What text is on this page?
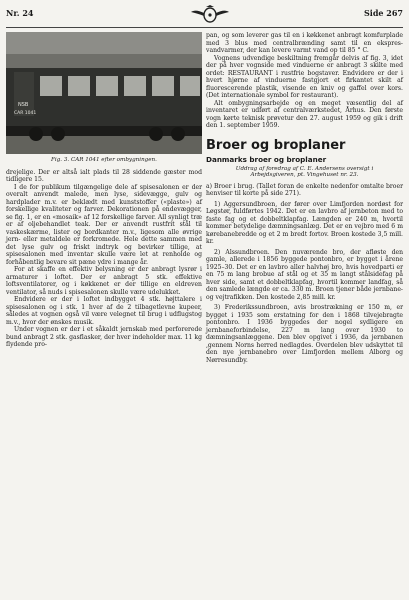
Nr. 24	Side 267
NSB
CAR 1041
Fig. 3. CAR 1041 efter ombygningen.

drejelige. Der er altså ialt plads til 28 siddende gæster mod tidligere 15.

I de for publikum tilgængelige dele af spisesalonen er der overalt anvendt malede, men lyse, sidevægge, gulv og hardplader m.v. er beklædt med kunststoffer («plaste») af forskellige kvaliteter og farver. Dekorationen på endevægger, se fig. 1, er en «mosaik» af 12 forskellige farver. All synligt træ er af oljebehandlet teak. Der er anvendt rustfrit stål til vaskeskærme, lister og bordkanter m.v., ligesom alle øvrige jern- eller metaldele er forkromede. Hele dette sammen med det lyse gulv og friskt indtryk og bevirker tillige, at spisesalonen med inventar skulle være let at renholde og forhåbentlig bevare sit pæne ydre i mange år.

For at skaffe en effektiv belysning er der anbragt lysrør i armaturer i loftet. Der er anbragt 5 stk. effektive loftsventilatorer, og i køkkenet er der tillige en eldreven ventilator, så nuds i spisesalonen skulle være udelukket.

Endvidere er der i loftet indbygget 4 stk. højttalere i spisesalonen og i stk. 1 hver af de 2 tilbagetlevne kupeer, således at vognen også vil være velegnet til brug i udflugstog m.v., hvor der ønskes musik.

Under vognen er der i et såkaldt jernskab med perforerede bund anbragt 2 stk. gasflasker, der hver indeholder max. 11 kg flydende pro-

pan, og som leverer gas til en i køkkenet anbragt komfurplade med 3 blus med centralbrænding samt til en ekspres-vandvarmer, der kan levere varmt vand op til 85 ° C.

Vognens udvendige beskiltning fremgår delvis af fig. 3, idet der på hver vognside med vinduerne er anbragt 3 skilte med ordet: RESTAURANT i rustfrie bogstaver. Endvidere er der i hvert hjørne af vinduerne fastgjort et firkantet skilt af fluorescerende plastik, visende en kniv og gaffel over kors. (Det internationale symbol for restaurant).

Alt ombygningsarbejde og en meget væsentlig del af inventaret er udført af centralværkstedet, Århus. Den første vogn kørte teknisk prøvetur den 27. august 1959 og gik i drift den 1. september 1959.

Broer og broplaner
Danmarks broer og broplaner
Uddrag af foredrag af C. E. Andersens oversigt i
Arbejdsgiveren, pt. Vingehuset nr. 23.

a) Broer i brug. (Tallet foran de enkelte nedenfor omtalte broer henviser til korte på side 271).

1) Aggersundbroen, der fører over Limfjorden nordøst for Løgstør, fuldførtes 1942. Det er en lavbro af jernbeton med to faste fag og et dobbeltklapfag. Længden er 240 m, hvortil kommer betydelige dæmningsanlæg. Det er en vejbro med 6 m kørebanebredde og et 2 m bredt fortov. Broen kostede 3,5 mill. kr.

2) Alssundbroen. Den nuværende bro, der afløste den gamle, allerede i 1856 byggede pontonbro, er bygget i årene 1925–30. Det er en lavbro aller halvhøj bro, hvis hovedparti er en 75 m lang brobue af stål og et 35 m langt stålsidefag på hver side, samt et dobbeltklapfag, hvortil kommer landfag, så den samlede længde er ca. 330 m. Broen tjener både jernbane- og vejtrafikken. Den kostede 2,85 mill. kr.

3) Frederikssundbroen, avis brostrækning er 150 m, er bygget i 1935 som erstatning for den i 1868 tilvejebragte pontonbro. I 1936 byggedes der nogel sydligere en jernbaneforbindelse, 227 m lang over 1930 to dæmningsanlæggene. Den blev opgivet i 1936, da jernbanen ,gennem Norns herred nedlagdes. Overdelen blev udskyttet til den nye jernbanebro over Limfjorden mellem Alborg og Nørresundby.
